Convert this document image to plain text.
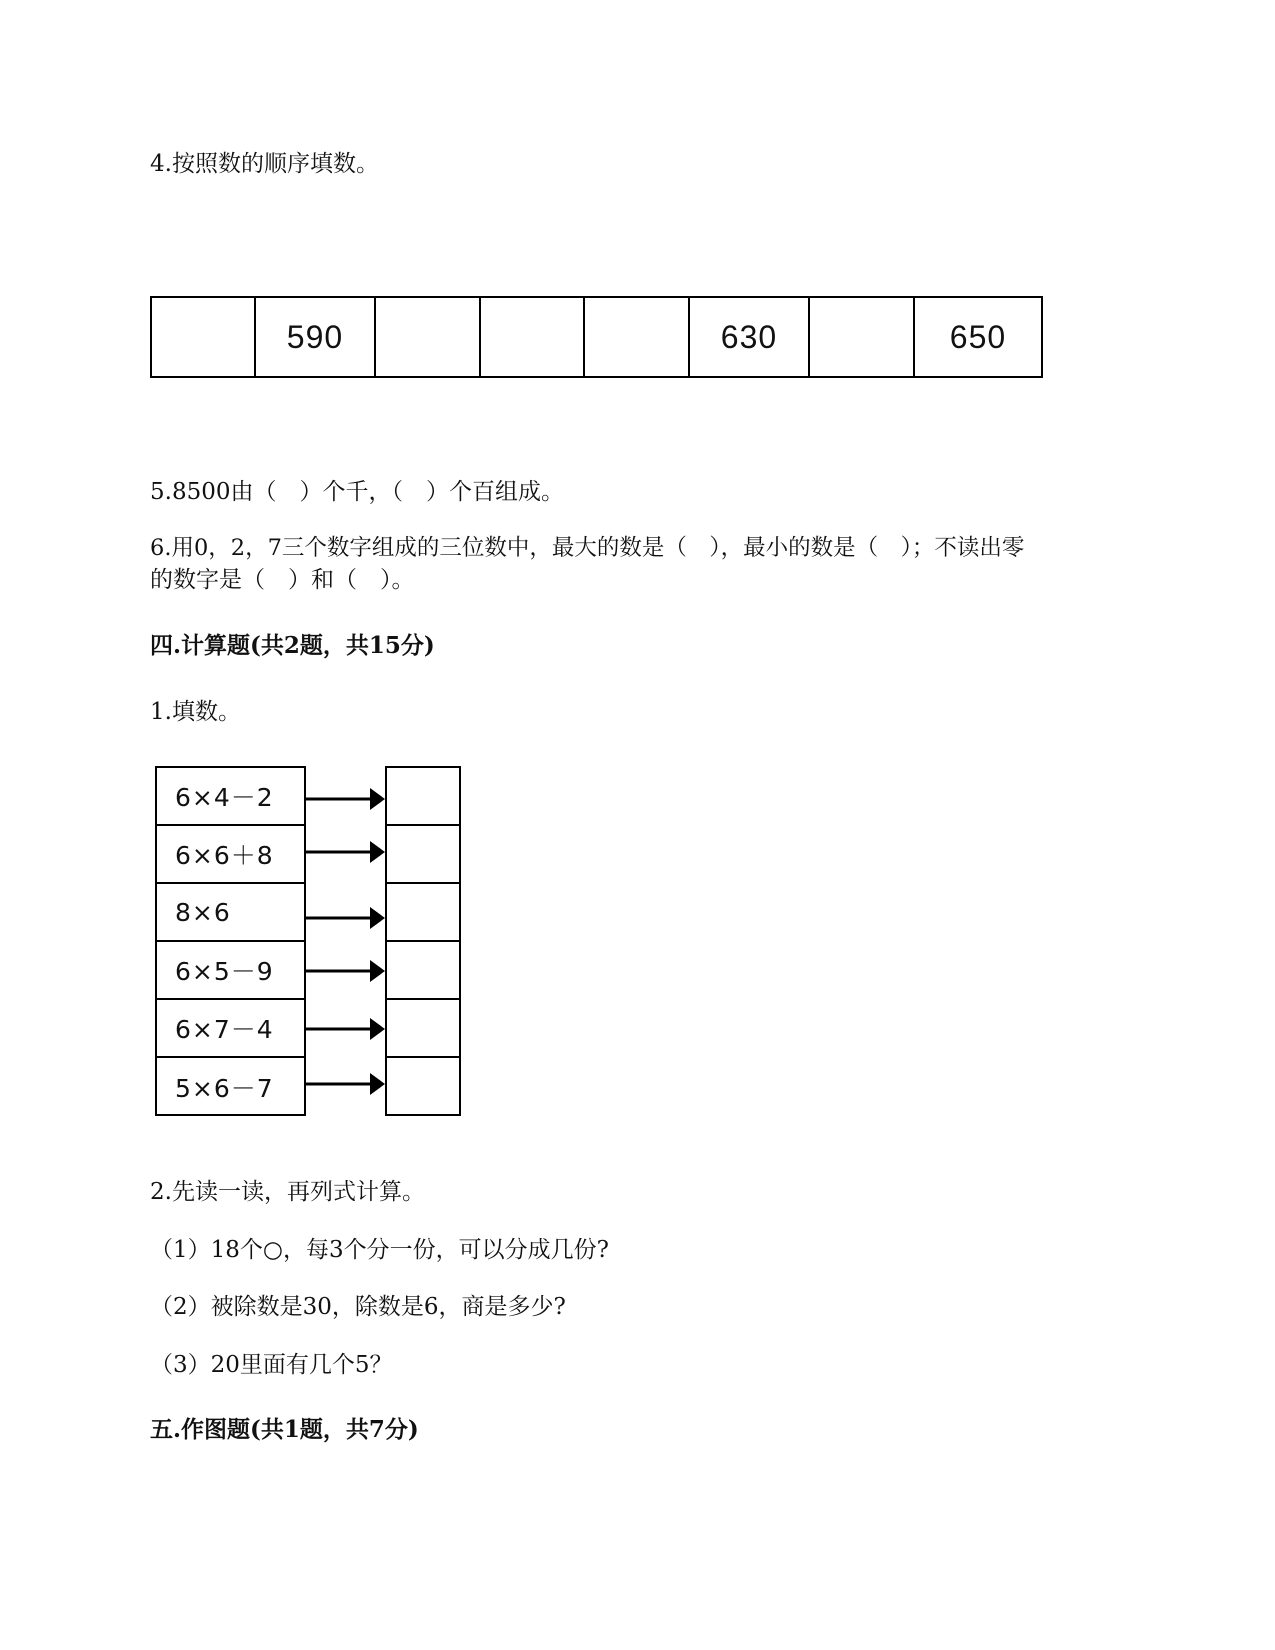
4.按照数的顺序填数。
590	630	650
5.8500由（　）个千，（　）个百组成。
6.用0，2，7三个数字组成的三位数中，最大的数是（　），最小的数是（　）；不读出零
的数字是（　）和（　）。
四.计算题(共2题，共15分)
1.填数。
6×4－2
6×6＋8
8×6
6×5－9
6×7－4
5×6－7
2.先读一读，再列式计算。
（1）18个○，每3个分一份，可以分成几份?
（2）被除数是30，除数是6，商是多少?
（3）20里面有几个5？
五.作图题(共1题，共7分)
